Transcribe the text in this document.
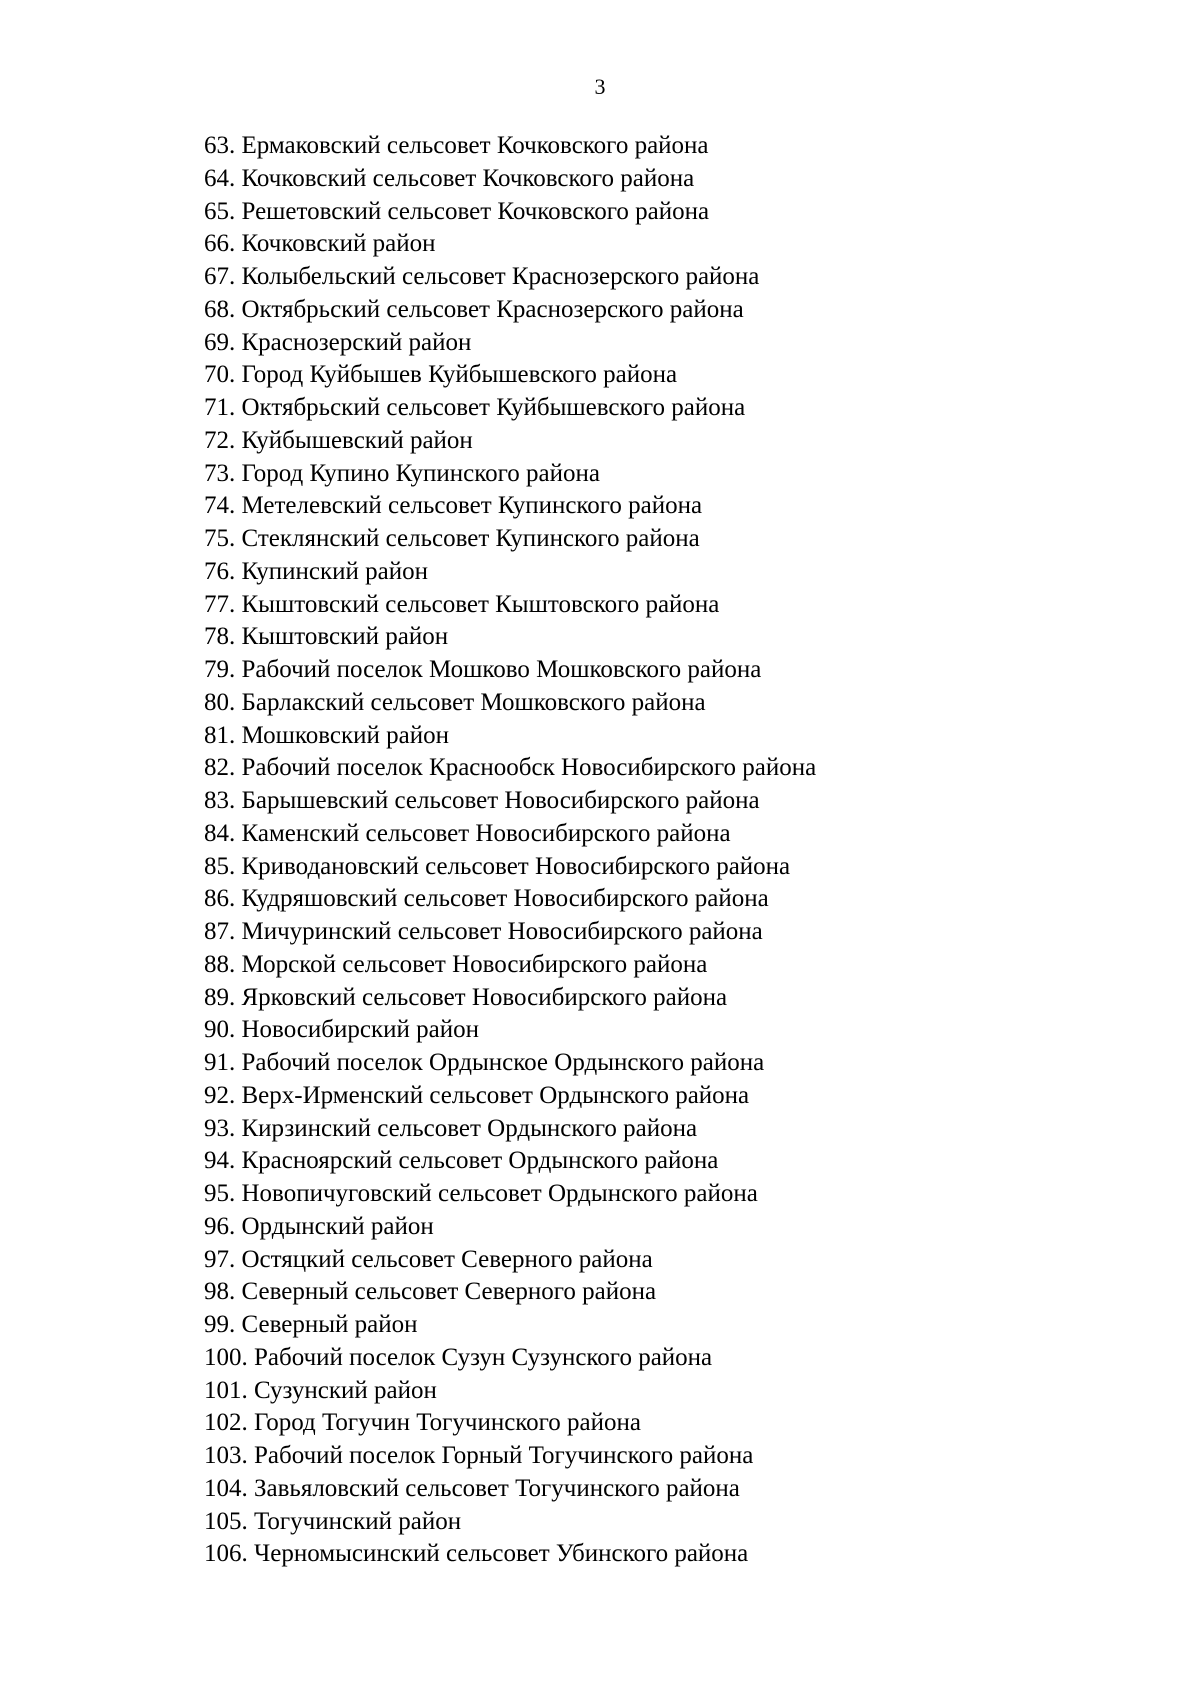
3
63. Ермаковский сельсовет Кочковского района
64. Кочковский сельсовет Кочковского района
65. Решетовский сельсовет Кочковского района
66. Кочковский район
67. Колыбельский сельсовет Краснозерского района
68. Октябрьский сельсовет Краснозерского района
69. Краснозерский район
70. Город Куйбышев Куйбышевского района
71. Октябрьский сельсовет Куйбышевского района
72. Куйбышевский район
73. Город Купино Купинского района
74. Метелевский сельсовет Купинского района
75. Стеклянский сельсовет Купинского района
76. Купинский район
77. Кыштовский сельсовет Кыштовского района
78. Кыштовский район
79. Рабочий поселок Мошково Мошковского района
80. Барлакский сельсовет Мошковского района
81. Мошковский район
82. Рабочий поселок Краснообск Новосибирского района
83. Барышевский сельсовет Новосибирского района
84. Каменский сельсовет Новосибирского района
85. Криводановский сельсовет Новосибирского района
86. Кудряшовский сельсовет Новосибирского района
87. Мичуринский сельсовет Новосибирского района
88. Морской сельсовет Новосибирского района
89. Ярковский сельсовет Новосибирского района
90. Новосибирский район
91. Рабочий поселок Ордынское Ордынского района
92. Верх-Ирменский сельсовет Ордынского района
93. Кирзинский сельсовет Ордынского района
94. Красноярский сельсовет Ордынского района
95. Новопичуговский сельсовет Ордынского района
96. Ордынский район
97. Остяцкий сельсовет Северного района
98. Северный сельсовет Северного района
99. Северный район
100. Рабочий поселок Сузун Сузунского района
101. Сузунский район
102. Город Тогучин Тогучинского района
103. Рабочий поселок Горный Тогучинского района
104. Завьяловский сельсовет Тогучинского района
105. Тогучинский район
106. Черномысинский сельсовет Убинского района
